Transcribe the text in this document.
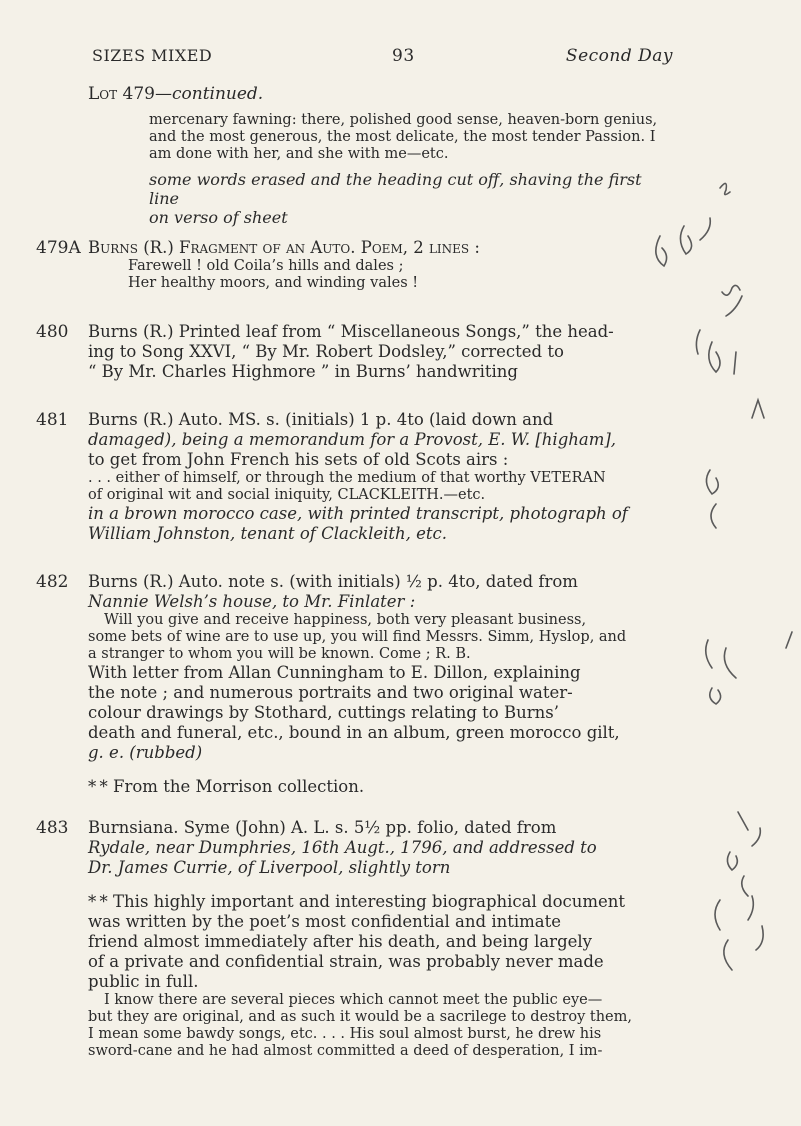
SIZES MIXED	93	Second Day
Lot 479—continued.

mercenary fawning: there, polished good sense, heaven-born genius,

and the most generous, the most delicate, the most tender Passion. I

am done with her, and she with me—etc.

some words erased and the heading cut off, shaving the first line

on verso of sheet

479A Burns (R.) Fragment of an Auto. Poem, 2 lines :
Farewell ! old Coila’s hills and dales ;
Her healthy moors, and winding vales !
480	Burns (R.) Printed leaf from “ Miscellaneous Songs,” the head-
ing to Song XXVI, “ By Mr. Robert Dodsley,” corrected to
“ By Mr. Charles Highmore ” in Burns’ handwriting
481	Burns (R.) Auto. MS. s. (initials) 1 p. 4to (laid down and
damaged), being a memorandum for a Provost, E. W. [higham],
to get from John French his sets of old Scots airs :
. . . either of himself, or through the medium of that worthy VETERAN
of original wit and social iniquity, CLACKLEITH.—etc.
in a brown morocco case, with printed transcript, photograph of
William Johnston, tenant of Clackleith, etc.
482	Burns (R.) Auto. note s. (with initials) ½ p. 4to, dated from
Nannie Welsh’s house, to Mr. Finlater :
Will you give and receive happiness, both very pleasant business,
some bets of wine are to use up, you will find Messrs. Simm, Hyslop, and
a stranger to whom you will be known. Come ; R. B.
With letter from Allan Cunningham to E. Dillon, explaining
the note ; and numerous portraits and two original water-
colour drawings by Stothard, cuttings relating to Burns’
death and funeral, etc., bound in an album, green morocco gilt,
g. e. (rubbed)
* * From the Morrison collection.
483	Burnsiana. Syme (John) A. L. s. 5½ pp. folio, dated from
Rydale, near Dumphries, 16th Augt., 1796, and addressed to
Dr. James Currie, of Liverpool, slightly torn
* * This highly important and interesting biographical document
was written by the poet’s most confidential and intimate
friend almost immediately after his death, and being largely
of a private and confidential strain, was probably never made
public in full.
I know there are several pieces which cannot meet the public eye—
but they are original, and as such it would be a sacrilege to destroy them,
I mean some bawdy songs, etc. . . . His soul almost burst, he drew his
sword-cane and he had almost committed a deed of desperation, I im-
